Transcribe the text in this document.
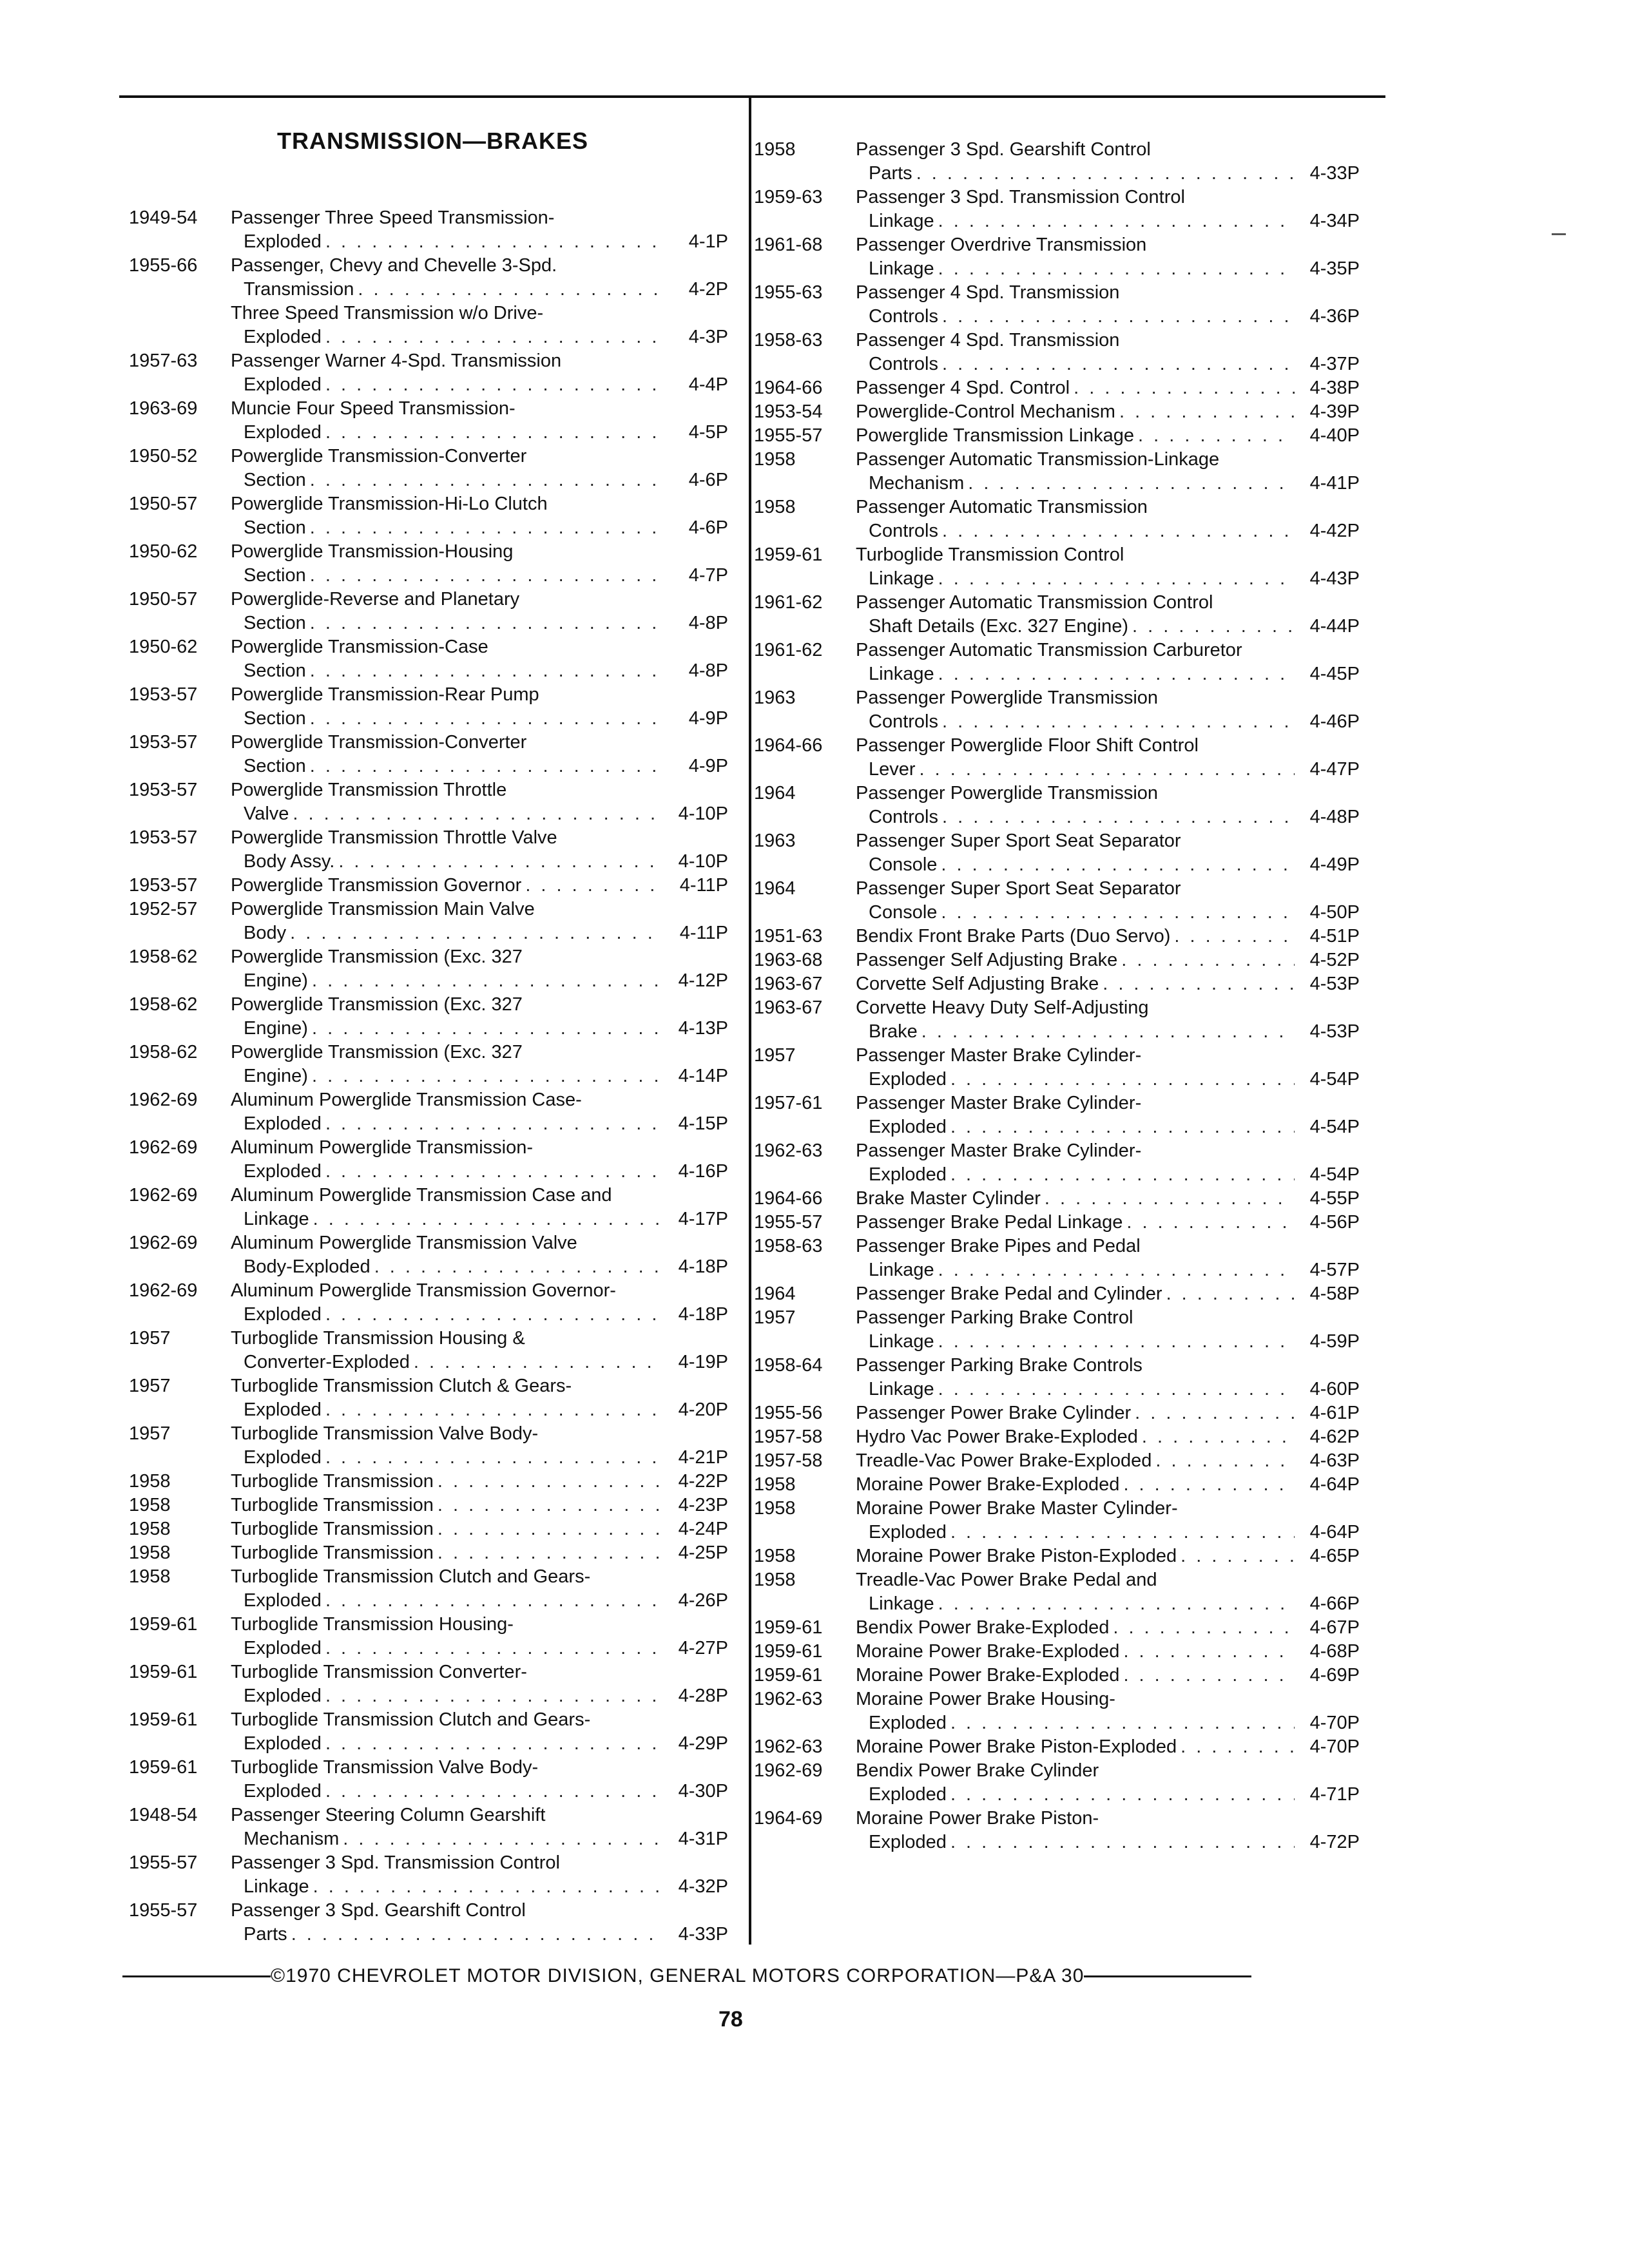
TRANSMISSION—BRAKES
1949-54	Passenger Three Speed Transmission-
Exploded . . .	4-1P
1955-66	Passenger, Chevy and Chevelle 3-Spd.
Transmission . . .	4-2P
Three Speed Transmission w/o Drive-
Exploded . . .	4-3P
1957-63	Passenger Warner 4-Spd. Transmission
Exploded . . .	4-4P
1963-69	Muncie Four Speed Transmission-
Exploded . . .	4-5P
1950-52	Powerglide Transmission-Converter
Section . . .	4-6P
1950-57	Powerglide Transmission-Hi-Lo Clutch
Section . . .	4-6P
1950-62	Powerglide Transmission-Housing
Section . . .	4-7P
1950-57	Powerglide-Reverse and Planetary
Section . . .	4-8P
1950-62	Powerglide Transmission-Case
Section . . .	4-8P
1953-57	Powerglide Transmission-Rear Pump
Section . . .	4-9P
1953-57	Powerglide Transmission-Converter
Section . . .	4-9P
1953-57	Powerglide Transmission Throttle
Valve . . .	4-10P
1953-57	Powerglide Transmission Throttle Valve
Body Assy. . . .	4-10P
1953-57	Powerglide Transmission Governor . . .	4-11P
1952-57	Powerglide Transmission Main Valve
Body . . .	4-11P
1958-62	Powerglide Transmission (Exc. 327
Engine) . . .	4-12P
1958-62	Powerglide Transmission (Exc. 327
Engine) . . .	4-13P
1958-62	Powerglide Transmission (Exc. 327
Engine) . . .	4-14P
1962-69	Aluminum Powerglide Transmission Case-
Exploded . . .	4-15P
1962-69	Aluminum Powerglide Transmission-
Exploded . . .	4-16P
1962-69	Aluminum Powerglide Transmission Case and
Linkage . . .	4-17P
1962-69	Aluminum Powerglide Transmission Valve
Body-Exploded . . .	4-18P
1962-69	Aluminum Powerglide Transmission Governor-
Exploded . . .	4-18P
1957	Turboglide Transmission Housing &
Converter-Exploded . . .	4-19P
1957	Turboglide Transmission Clutch & Gears-
Exploded . . .	4-20P
1957	Turboglide Transmission Valve Body-
Exploded . . .	4-21P
1958	Turboglide Transmission . . .	4-22P
1958	Turboglide Transmission . . .	4-23P
1958	Turboglide Transmission . . .	4-24P
1958	Turboglide Transmission . . .	4-25P
1958	Turboglide Transmission Clutch and Gears-
Exploded . . .	4-26P
1959-61	Turboglide Transmission Housing-
Exploded . . .	4-27P
1959-61	Turboglide Transmission Converter-
Exploded . . .	4-28P
1959-61	Turboglide Transmission Clutch and Gears-
Exploded . . .	4-29P
1959-61	Turboglide Transmission Valve Body-
Exploded . . .	4-30P
1948-54	Passenger Steering Column Gearshift
Mechanism . . .	4-31P
1955-57	Passenger 3 Spd. Transmission Control
Linkage . . .	4-32P
1955-57	Passenger 3 Spd. Gearshift Control
Parts . . .	4-33P
1958	Passenger 3 Spd. Gearshift Control
Parts . . .	4-33P
1959-63	Passenger 3 Spd. Transmission Control
Linkage . . .	4-34P
1961-68	Passenger Overdrive Transmission
Linkage . . .	4-35P
1955-63	Passenger 4 Spd. Transmission
Controls . . .	4-36P
1958-63	Passenger 4 Spd. Transmission
Controls . . .	4-37P
1964-66	Passenger 4 Spd. Control . . .	4-38P
1953-54	Powerglide-Control Mechanism . . .	4-39P
1955-57	Powerglide Transmission Linkage . . .	4-40P
1958	Passenger Automatic Transmission-Linkage
Mechanism . . .	4-41P
1958	Passenger Automatic Transmission
Controls . . .	4-42P
1959-61	Turboglide Transmission Control
Linkage . . .	4-43P
1961-62	Passenger Automatic Transmission Control
Shaft Details (Exc. 327 Engine) . . .	4-44P
1961-62	Passenger Automatic Transmission Carburetor
Linkage . . .	4-45P
1963	Passenger Powerglide Transmission
Controls . . .	4-46P
1964-66	Passenger Powerglide Floor Shift Control
Lever . . .	4-47P
1964	Passenger Powerglide Transmission
Controls . . .	4-48P
1963	Passenger Super Sport Seat Separator
Console . . .	4-49P
1964	Passenger Super Sport Seat Separator
Console . . .	4-50P
1951-63	Bendix Front Brake Parts (Duo Servo) . . .	4-51P
1963-68	Passenger Self Adjusting Brake . . .	4-52P
1963-67	Corvette Self Adjusting Brake . . .	4-53P
1963-67	Corvette Heavy Duty Self-Adjusting
Brake . . .	4-53P
1957	Passenger Master Brake Cylinder-
Exploded . . .	4-54P
1957-61	Passenger Master Brake Cylinder-
Exploded . . .	4-54P
1962-63	Passenger Master Brake Cylinder-
Exploded . . .	4-54P
1964-66	Brake Master Cylinder . . .	4-55P
1955-57	Passenger Brake Pedal Linkage . . .	4-56P
1958-63	Passenger Brake Pipes and Pedal
Linkage . . .	4-57P
1964	Passenger Brake Pedal and Cylinder . . .	4-58P
1957	Passenger Parking Brake Control
Linkage . . .	4-59P
1958-64	Passenger Parking Brake Controls
Linkage . . .	4-60P
1955-56	Passenger Power Brake Cylinder . . .	4-61P
1957-58	Hydro Vac Power Brake-Exploded . . .	4-62P
1957-58	Treadle-Vac Power Brake-Exploded . . .	4-63P
1958	Moraine Power Brake-Exploded . . .	4-64P
1958	Moraine Power Brake Master Cylinder-
Exploded . . .	4-64P
1958	Moraine Power Brake Piston-Exploded . . .	4-65P
1958	Treadle-Vac Power Brake Pedal and
Linkage . . .	4-66P
1959-61	Bendix Power Brake-Exploded . . .	4-67P
1959-61	Moraine Power Brake-Exploded . . .	4-68P
1959-61	Moraine Power Brake-Exploded . . .	4-69P
1962-63	Moraine Power Brake Housing-
Exploded . . .	4-70P
1962-63	Moraine Power Brake Piston-Exploded . . .	4-70P
1962-69	Bendix Power Brake Cylinder
Exploded . . .	4-71P
1964-69	Moraine Power Brake Piston-
Exploded . . .	4-72P
©1970 CHEVROLET MOTOR DIVISION, GENERAL MOTORS CORPORATION—P&A 30
78
